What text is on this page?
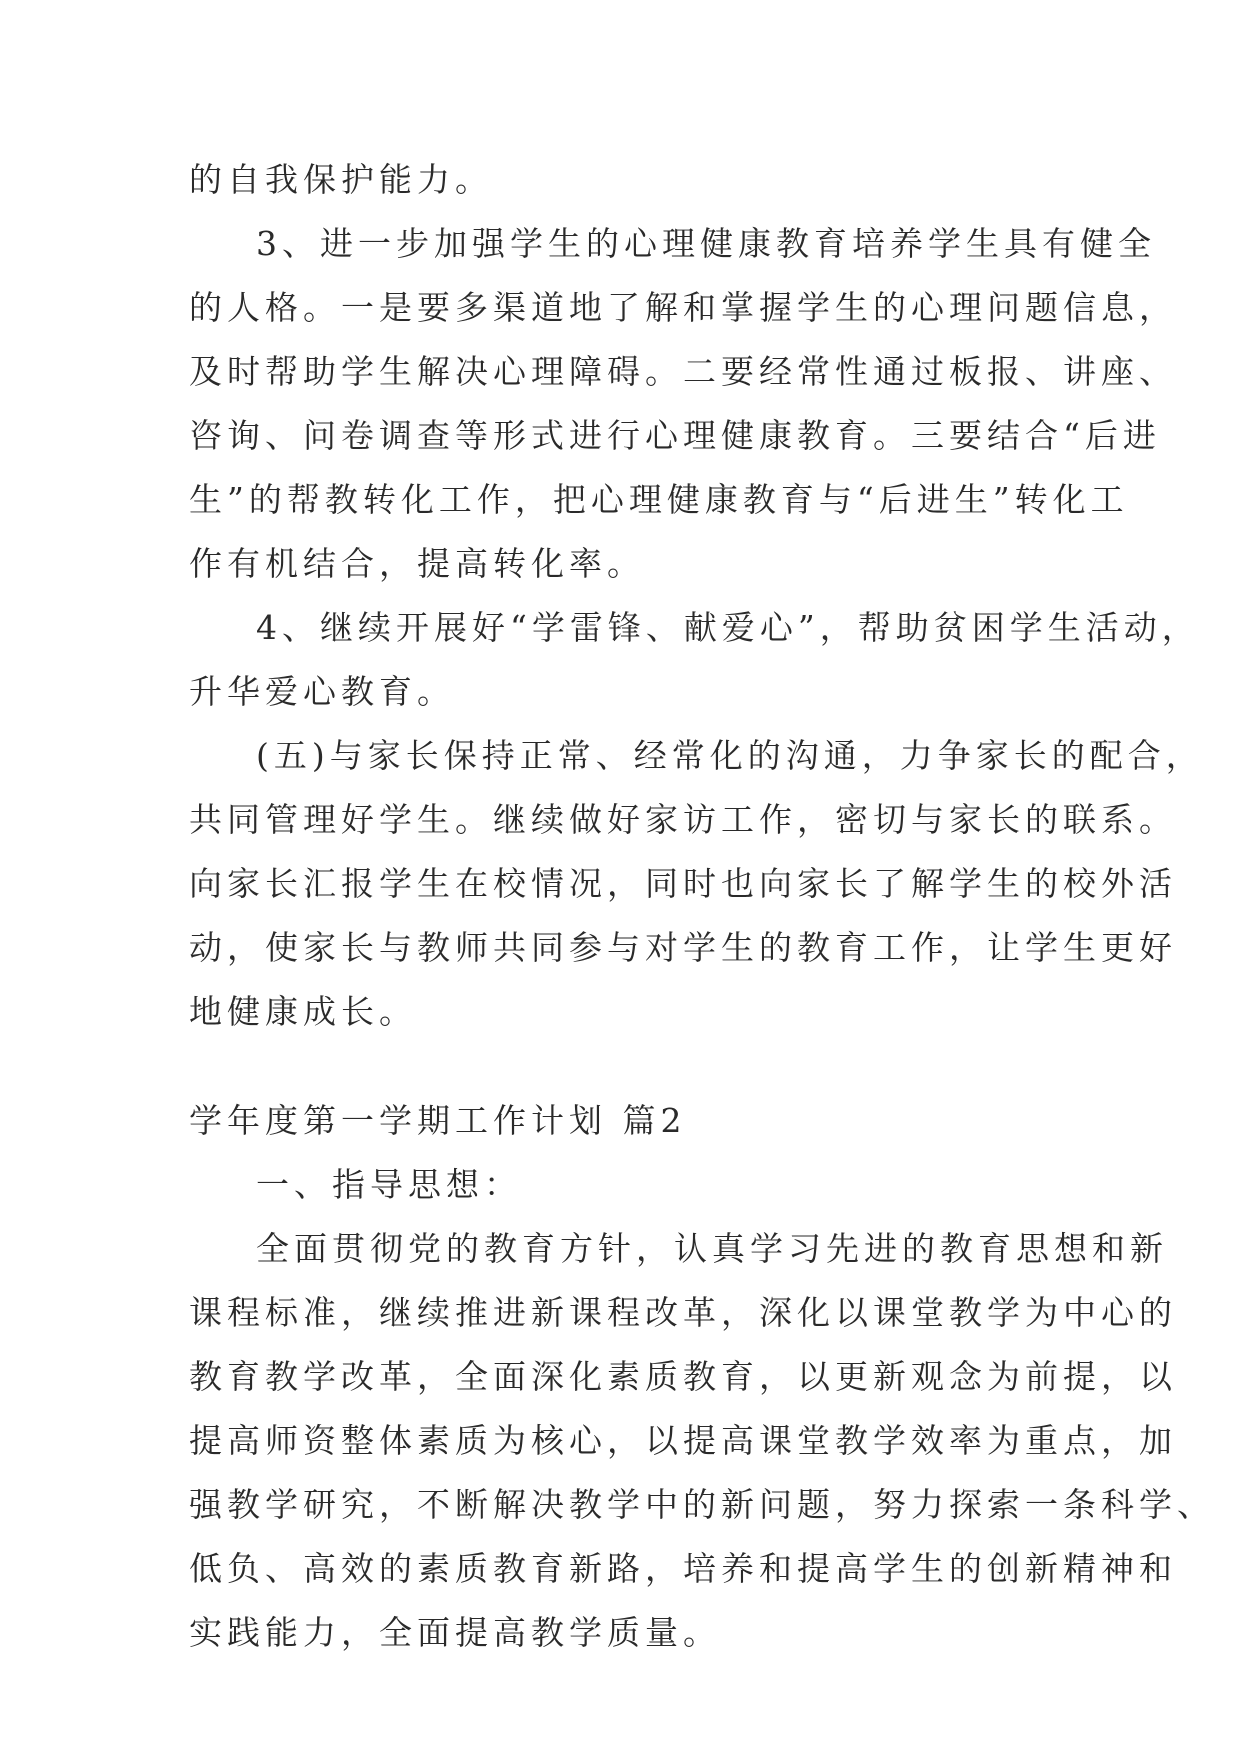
的自我保护能力。
3、进一步加强学生的心理健康教育培养学生具有健全
的人格。一是要多渠道地了解和掌握学生的心理问题信息，
及时帮助学生解决心理障碍。二要经常性通过板报、讲座、
咨询、问卷调查等形式进行心理健康教育。三要结合“后进
生”的帮教转化工作，把心理健康教育与“后进生”转化工
作有机结合，提高转化率。
4、继续开展好“学雷锋、献爱心”，帮助贫困学生活动，
升华爱心教育。
(五)与家长保持正常、经常化的沟通，力争家长的配合，
共同管理好学生。继续做好家访工作，密切与家长的联系。
向家长汇报学生在校情况，同时也向家长了解学生的校外活
动，使家长与教师共同参与对学生的教育工作，让学生更好
地健康成长。
学年度第一学期工作计划 篇2
一、指导思想：
全面贯彻党的教育方针，认真学习先进的教育思想和新
课程标准，继续推进新课程改革，深化以课堂教学为中心的
教育教学改革，全面深化素质教育，以更新观念为前提，以
提高师资整体素质为核心，以提高课堂教学效率为重点，加
强教学研究，不断解决教学中的新问题，努力探索一条科学、
低负、高效的素质教育新路，培养和提高学生的创新精神和
实践能力，全面提高教学质量。
